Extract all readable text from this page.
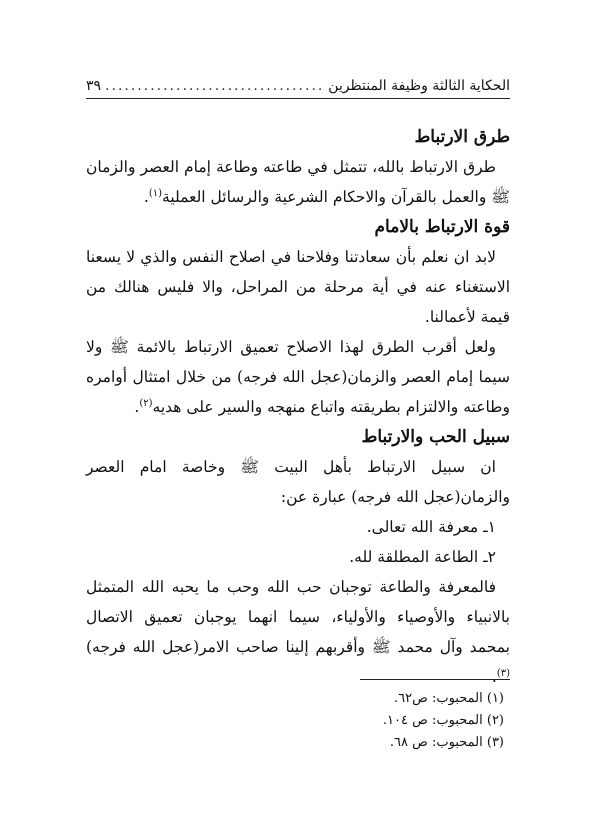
الحكاية الثالثة وظيفة المنتظرين
..................................
٣٩
طرق الارتباط

طرق الارتباط بالله، تتمثل في طاعته وطاعة إمام العصر والزمان ﷺ والعمل بالقرآن والاحكام الشرعية والرسائل العملية$^{(١)}$.

قوة الارتباط بالامام

لابد ان نعلم بأن سعادتنا وفلاحنا في اصلاح النفس والذي لا يسعنا الاستغناء عنه في أية مرحلة من المراحل، والا فليس هنالك من قيمة لأعمالنا.

ولعل أقرب الطرق لهذا الاصلاح تعميق الارتباط بالائمة ﷺ ولا سيما إمام العصر والزمان(عجل الله فرجه) من خلال امتثال أوامره وطاعته والالتزام بطريقته واتباع منهجه والسير على هديه$^{(٢)}$.

سبيل الحب والارتباط

ان سبيل الارتباط بأهل البيت ﷺ وخاصة امام العصر والزمان(عجل الله فرجه) عبارة عن:

١ـ معرفة الله تعالى.
٢ـ الطاعة المطلقة لله.

فالمعرفة والطاعة توجبان حب الله وحب ما يحبه الله المتمثل بالانبياء والأوصياء والأولياء، سيما انهما يوجبان تعميق الاتصال بمحمد وآل محمد ﷺ وأقربهم إلينا صاحب الامر(عجل الله فرجه)$^{(٣)}$.

(١) المحبوب: ص٦٢.
(٢) المحبوب: ص ١٠٤.
(٣) المحبوب: ص ٦٨.
